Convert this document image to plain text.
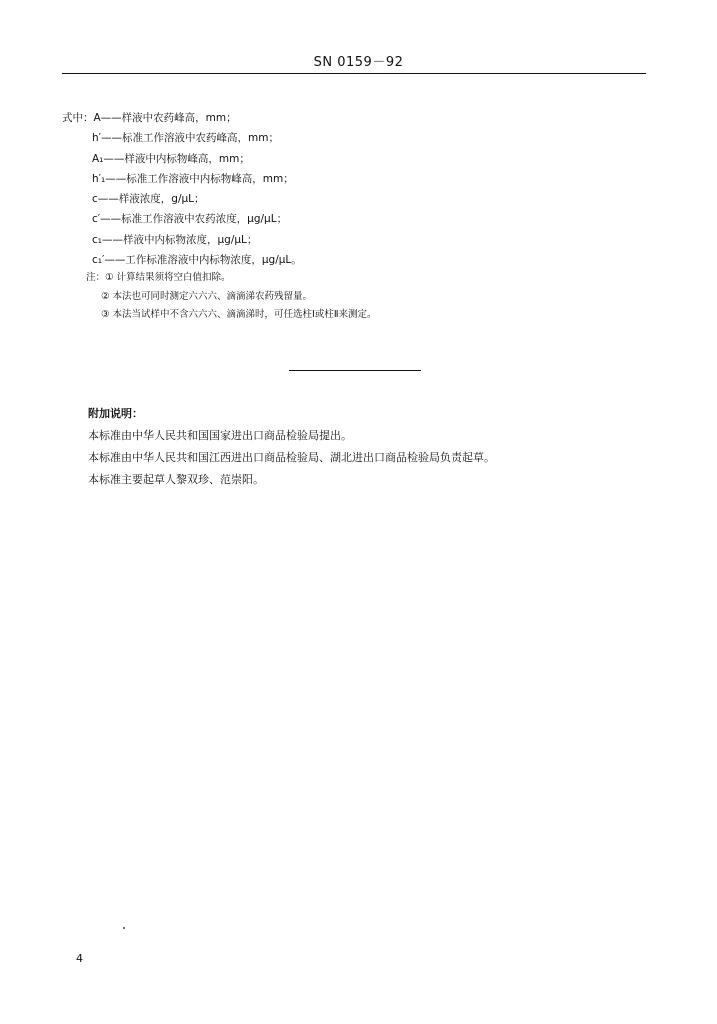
SN 0159－92
式中：A——样液中农药峰高，mm；
h′——标准工作溶液中农药峰高，mm；
A₁——样液中内标物峰高，mm；
h′₁——标准工作溶液中内标物峰高，mm；
c——样液浓度，g/μL；
c′——标准工作溶液中农药浓度，μg/μL；
c₁——样液中内标物浓度，μg/μL；
c₁′——工作标准溶液中内标物浓度，μg/μL。
注：① 计算结果须将空白值扣除。
② 本法也可同时测定六六六、滴滴涕农药残留量。
③ 本法当试样中不含六六六、滴滴涕时，可任选柱Ⅰ或柱Ⅱ来测定。
附加说明：
本标准由中华人民共和国国家进出口商品检验局提出。
本标准由中华人民共和国江西进出口商品检验局、湖北进出口商品检验局负责起草。
本标准主要起草人黎双珍、范崇阳。
4
